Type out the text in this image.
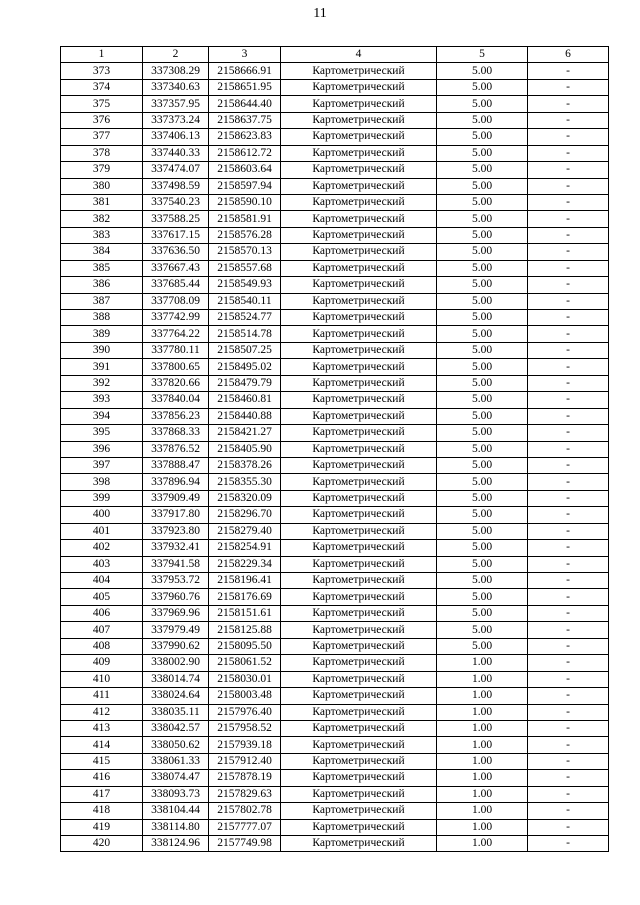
11
1	2	3	4	5	6
373	337308.29	2158666.91	Картометрический	5.00	-
374	337340.63	2158651.95	Картометрический	5.00	-
375	337357.95	2158644.40	Картометрический	5.00	-
376	337373.24	2158637.75	Картометрический	5.00	-
377	337406.13	2158623.83	Картометрический	5.00	-
378	337440.33	2158612.72	Картометрический	5.00	-
379	337474.07	2158603.64	Картометрический	5.00	-
380	337498.59	2158597.94	Картометрический	5.00	-
381	337540.23	2158590.10	Картометрический	5.00	-
382	337588.25	2158581.91	Картометрический	5.00	-
383	337617.15	2158576.28	Картометрический	5.00	-
384	337636.50	2158570.13	Картометрический	5.00	-
385	337667.43	2158557.68	Картометрический	5.00	-
386	337685.44	2158549.93	Картометрический	5.00	-
387	337708.09	2158540.11	Картометрический	5.00	-
388	337742.99	2158524.77	Картометрический	5.00	-
389	337764.22	2158514.78	Картометрический	5.00	-
390	337780.11	2158507.25	Картометрический	5.00	-
391	337800.65	2158495.02	Картометрический	5.00	-
392	337820.66	2158479.79	Картометрический	5.00	-
393	337840.04	2158460.81	Картометрический	5.00	-
394	337856.23	2158440.88	Картометрический	5.00	-
395	337868.33	2158421.27	Картометрический	5.00	-
396	337876.52	2158405.90	Картометрический	5.00	-
397	337888.47	2158378.26	Картометрический	5.00	-
398	337896.94	2158355.30	Картометрический	5.00	-
399	337909.49	2158320.09	Картометрический	5.00	-
400	337917.80	2158296.70	Картометрический	5.00	-
401	337923.80	2158279.40	Картометрический	5.00	-
402	337932.41	2158254.91	Картометрический	5.00	-
403	337941.58	2158229.34	Картометрический	5.00	-
404	337953.72	2158196.41	Картометрический	5.00	-
405	337960.76	2158176.69	Картометрический	5.00	-
406	337969.96	2158151.61	Картометрический	5.00	-
407	337979.49	2158125.88	Картометрический	5.00	-
408	337990.62	2158095.50	Картометрический	5.00	-
409	338002.90	2158061.52	Картометрический	1.00	-
410	338014.74	2158030.01	Картометрический	1.00	-
411	338024.64	2158003.48	Картометрический	1.00	-
412	338035.11	2157976.40	Картометрический	1.00	-
413	338042.57	2157958.52	Картометрический	1.00	-
414	338050.62	2157939.18	Картометрический	1.00	-
415	338061.33	2157912.40	Картометрический	1.00	-
416	338074.47	2157878.19	Картометрический	1.00	-
417	338093.73	2157829.63	Картометрический	1.00	-
418	338104.44	2157802.78	Картометрический	1.00	-
419	338114.80	2157777.07	Картометрический	1.00	-
420	338124.96	2157749.98	Картометрический	1.00	-
